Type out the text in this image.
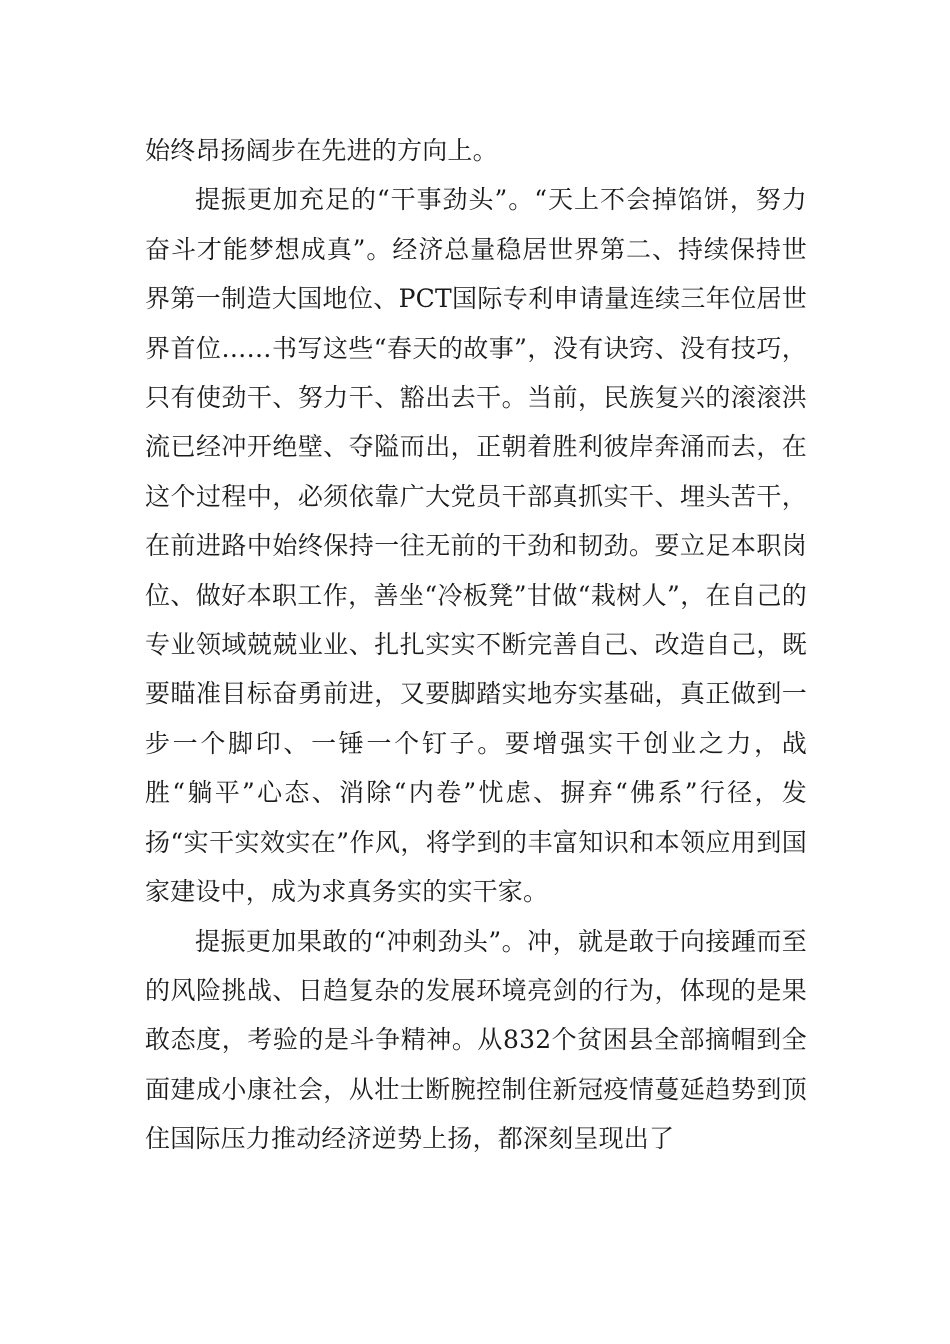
始终昂扬阔步在先进的方向上。

提振更加充足的“干事劲头”。“天上不会掉馅饼，努力奋斗才能梦想成真”。经济总量稳居世界第二、持续保持世界第一制造大国地位、PCT国际专利申请量连续三年位居世界首位……书写这些“春天的故事”，没有诀窍、没有技巧，只有使劲干、努力干、豁出去干。当前，民族复兴的滚滚洪流已经冲开绝壁、夺隘而出，正朝着胜利彼岸奔涌而去，在这个过程中，必须依靠广大党员干部真抓实干、埋头苦干，在前进路中始终保持一往无前的干劲和韧劲。要立足本职岗位、做好本职工作，善坐“冷板凳”甘做“栽树人”，在自己的专业领域兢兢业业、扎扎实实不断完善自己、改造自己，既要瞄准目标奋勇前进，又要脚踏实地夯实基础，真正做到一步一个脚印、一锤一个钉子。要增强实干创业之力，战胜“躺平”心态、消除“内卷”忧虑、摒弃“佛系”行径，发扬“实干实效实在”作风，将学到的丰富知识和本领应用到国家建设中，成为求真务实的实干家。

提振更加果敢的“冲刺劲头”。冲，就是敢于向接踵而至的风险挑战、日趋复杂的发展环境亮剑的行为，体现的是果敢态度，考验的是斗争精神。从832个贫困县全部摘帽到全面建成小康社会，从壮士断腕控制住新冠疫情蔓延趋势到顶住国际压力推动经济逆势上扬，都深刻呈现出了
